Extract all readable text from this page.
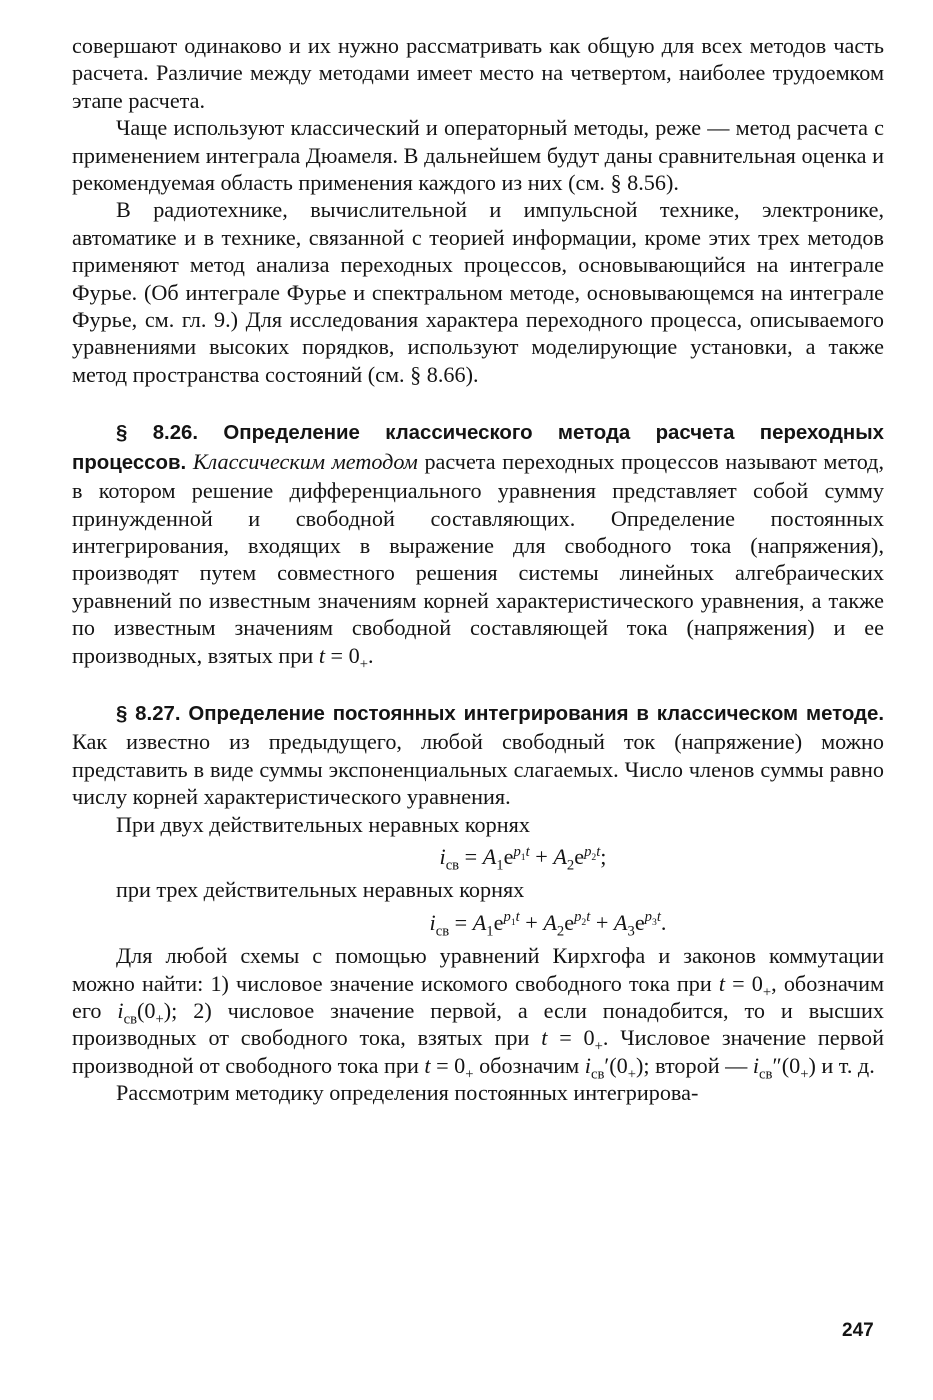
совершают одинаково и их нужно рассматривать как общую для всех методов часть расчета. Различие между методами имеет место на четвертом, наиболее трудоемком этапе расчета.

Чаще используют классический и операторный методы, реже — метод расчета с применением интеграла Дюамеля. В дальнейшем будут даны сравнительная оценка и рекомендуемая область применения каждого из них (см. § 8.56).

В радиотехнике, вычислительной и импульсной технике, электронике, автоматике и в технике, связанной с теорией информации, кроме этих трех методов применяют метод анализа переходных процессов, основывающийся на интеграле Фурье. (Об интеграле Фурье и спектральном методе, основывающемся на интеграле Фурье, см. гл. 9.) Для исследования характера переходного процесса, описываемого уравнениями высоких порядков, используют моделирующие установки, а также метод пространства состояний (см. § 8.66).

§ 8.26. Определение классического метода расчета переходных процессов. Классическим методом расчета переходных процессов называют метод, в котором решение дифференциального уравнения представляет собой сумму принужденной и свободной составляющих. Определение постоянных интегрирования, входящих в выражение для свободного тока (напряжения), производят путем совместного решения системы линейных алгебраических уравнений по известным значениям корней характеристического уравнения, а также по известным значениям свободной составляющей тока (напряжения) и ее производных, взятых при $t = 0_+$.

§ 8.27. Определение постоянных интегрирования в классическом методе. Как известно из предыдущего, любой свободный ток (напряжение) можно представить в виде суммы экспоненциальных слагаемых. Число членов суммы равно числу корней характеристического уравнения.

При двух действительных неравных корнях

$i_{св} = A_1e^{p_1t} + A_2e^{p_2t}$;

при трех действительных неравных корнях

$i_{св} = A_1e^{p_1t} + A_2e^{p_2t} + A_3e^{p_3t}$.

Для любой схемы с помощью уравнений Кирхгофа и законов коммутации можно найти: 1) числовое значение искомого свободного тока при $t = 0_+$, обозначим его $i_{св}(0_+)$; 2) числовое значение первой, а если понадобится, то и высших производных от свободного тока, взятых при $t = 0_+$. Числовое значение первой производной от свободного тока при $t = 0_+$ обозначим $i_{св}'(0_+)$; второй — $i_{св}''(0_+)$ и т. д.

Рассмотрим методику определения постоянных интегрирова-

247
